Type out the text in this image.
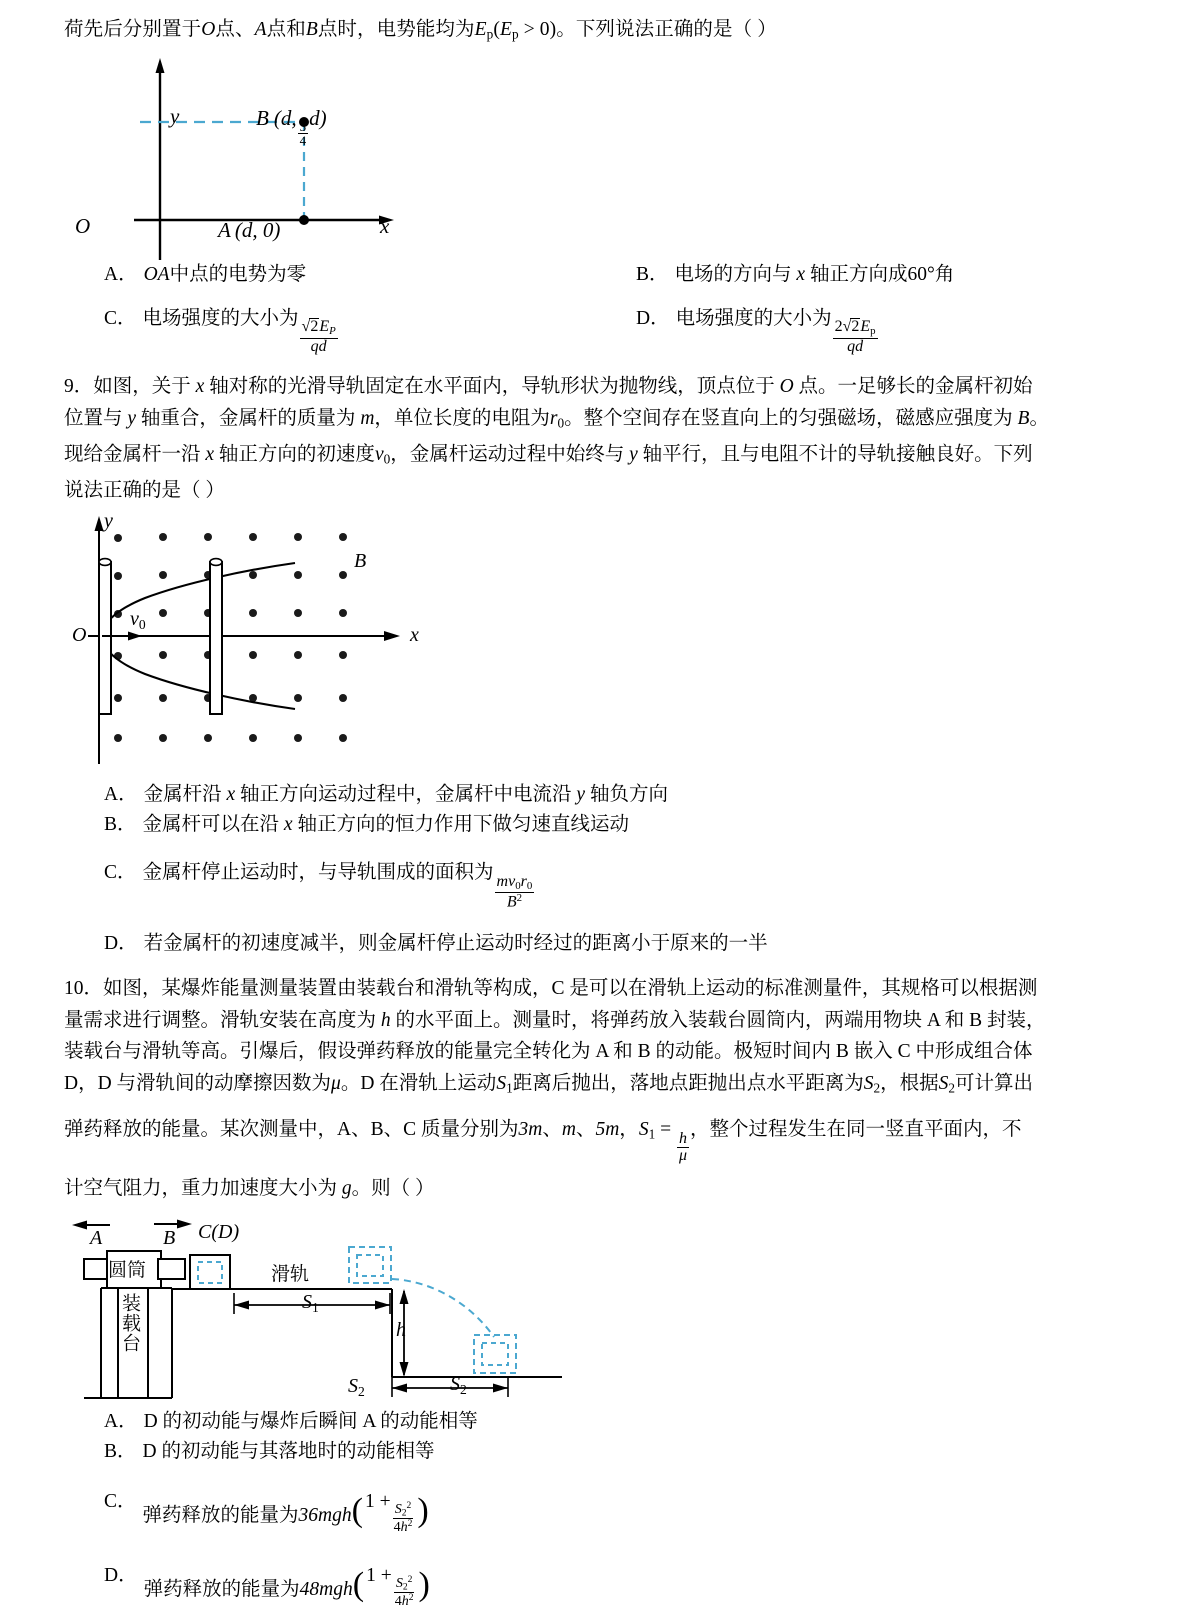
荷先后分别置于O点、A点和B点时，电势能均为Ep(Ep > 0)。下列说法正确的是（ ）
y
x
O	A (d, 0)
B (d,
$\frac{3}{4}$
d)
A． OA中点的电势为零	B． 电场的方向与 x 轴正方向成60°角
C． 电场强度的大小为
$\frac{√2E_P}{qd}$
D． 电场强度的大小为
$\frac{2√2Ep}{qd}$
9．如图，关于 x 轴对称的光滑导轨固定在水平面内，导轨形状为抛物线，顶点位于 O 点。一足够长的金属杆初始
位置与 y 轴重合，金属杆的质量为 m，单位长度的电阻为r0。整个空间存在竖直向上的匀强磁场，磁感应强度为 B。
现给金属杆一沿 x 轴正方向的初速度v0，金属杆运动过程中始终与 y 轴平行，且与电阻不计的导轨接触良好。下列
说法正确的是（ ）
y
x
O
v0
B
A． 金属杆沿 x 轴正方向运动过程中，金属杆中电流沿 y 轴负方向
B． 金属杆可以在沿 x 轴正方向的恒力作用下做匀速直线运动
C． 金属杆停止运动时，与导轨围成的面积为
$\frac{mv0r0}{B^2}$
D． 若金属杆的初速度减半，则金属杆停止运动时经过的距离小于原来的一半
10．如图，某爆炸能量测量装置由装载台和滑轨等构成，C 是可以在滑轨上运动的标准测量件，其规格可以根据测
量需求进行调整。滑轨安装在高度为 h 的水平面上。测量时，将弹药放入装载台圆筒内，两端用物块 A 和 B 封装，
装载台与滑轨等高。引爆后，假设弹药释放的能量完全转化为 A 和 B 的动能。极短时间内 B 嵌入 C 中形成组合体
D，D 与滑轨间的动摩擦因数为μ。D 在滑轨上运动S1距离后抛出，落地点距抛出点水平距离为S2，根据S2可计算出
弹药释放的能量。某次测量中，A、B、C 质量分别为3m、m、5m，S1 =
$\frac{h}{\mu}$
，整个过程发生在同一竖直平面内，不
计空气阻力，重力加速度大小为 g。则（ ）
A	B C(D)
圆筒
装载台
滑轨
S1
h
S2	S2
A． D 的初动能与爆炸后瞬间 A 的动能相等
B． D 的初动能与其落地时的动能相等
C．
弹药释放的能量为36mgh ( $1 + \frac{S2^2}{4h^2}$ )
D．
弹药释放的能量为48mgh ( $1 + \frac{S2^2}{4h^2}$ )
